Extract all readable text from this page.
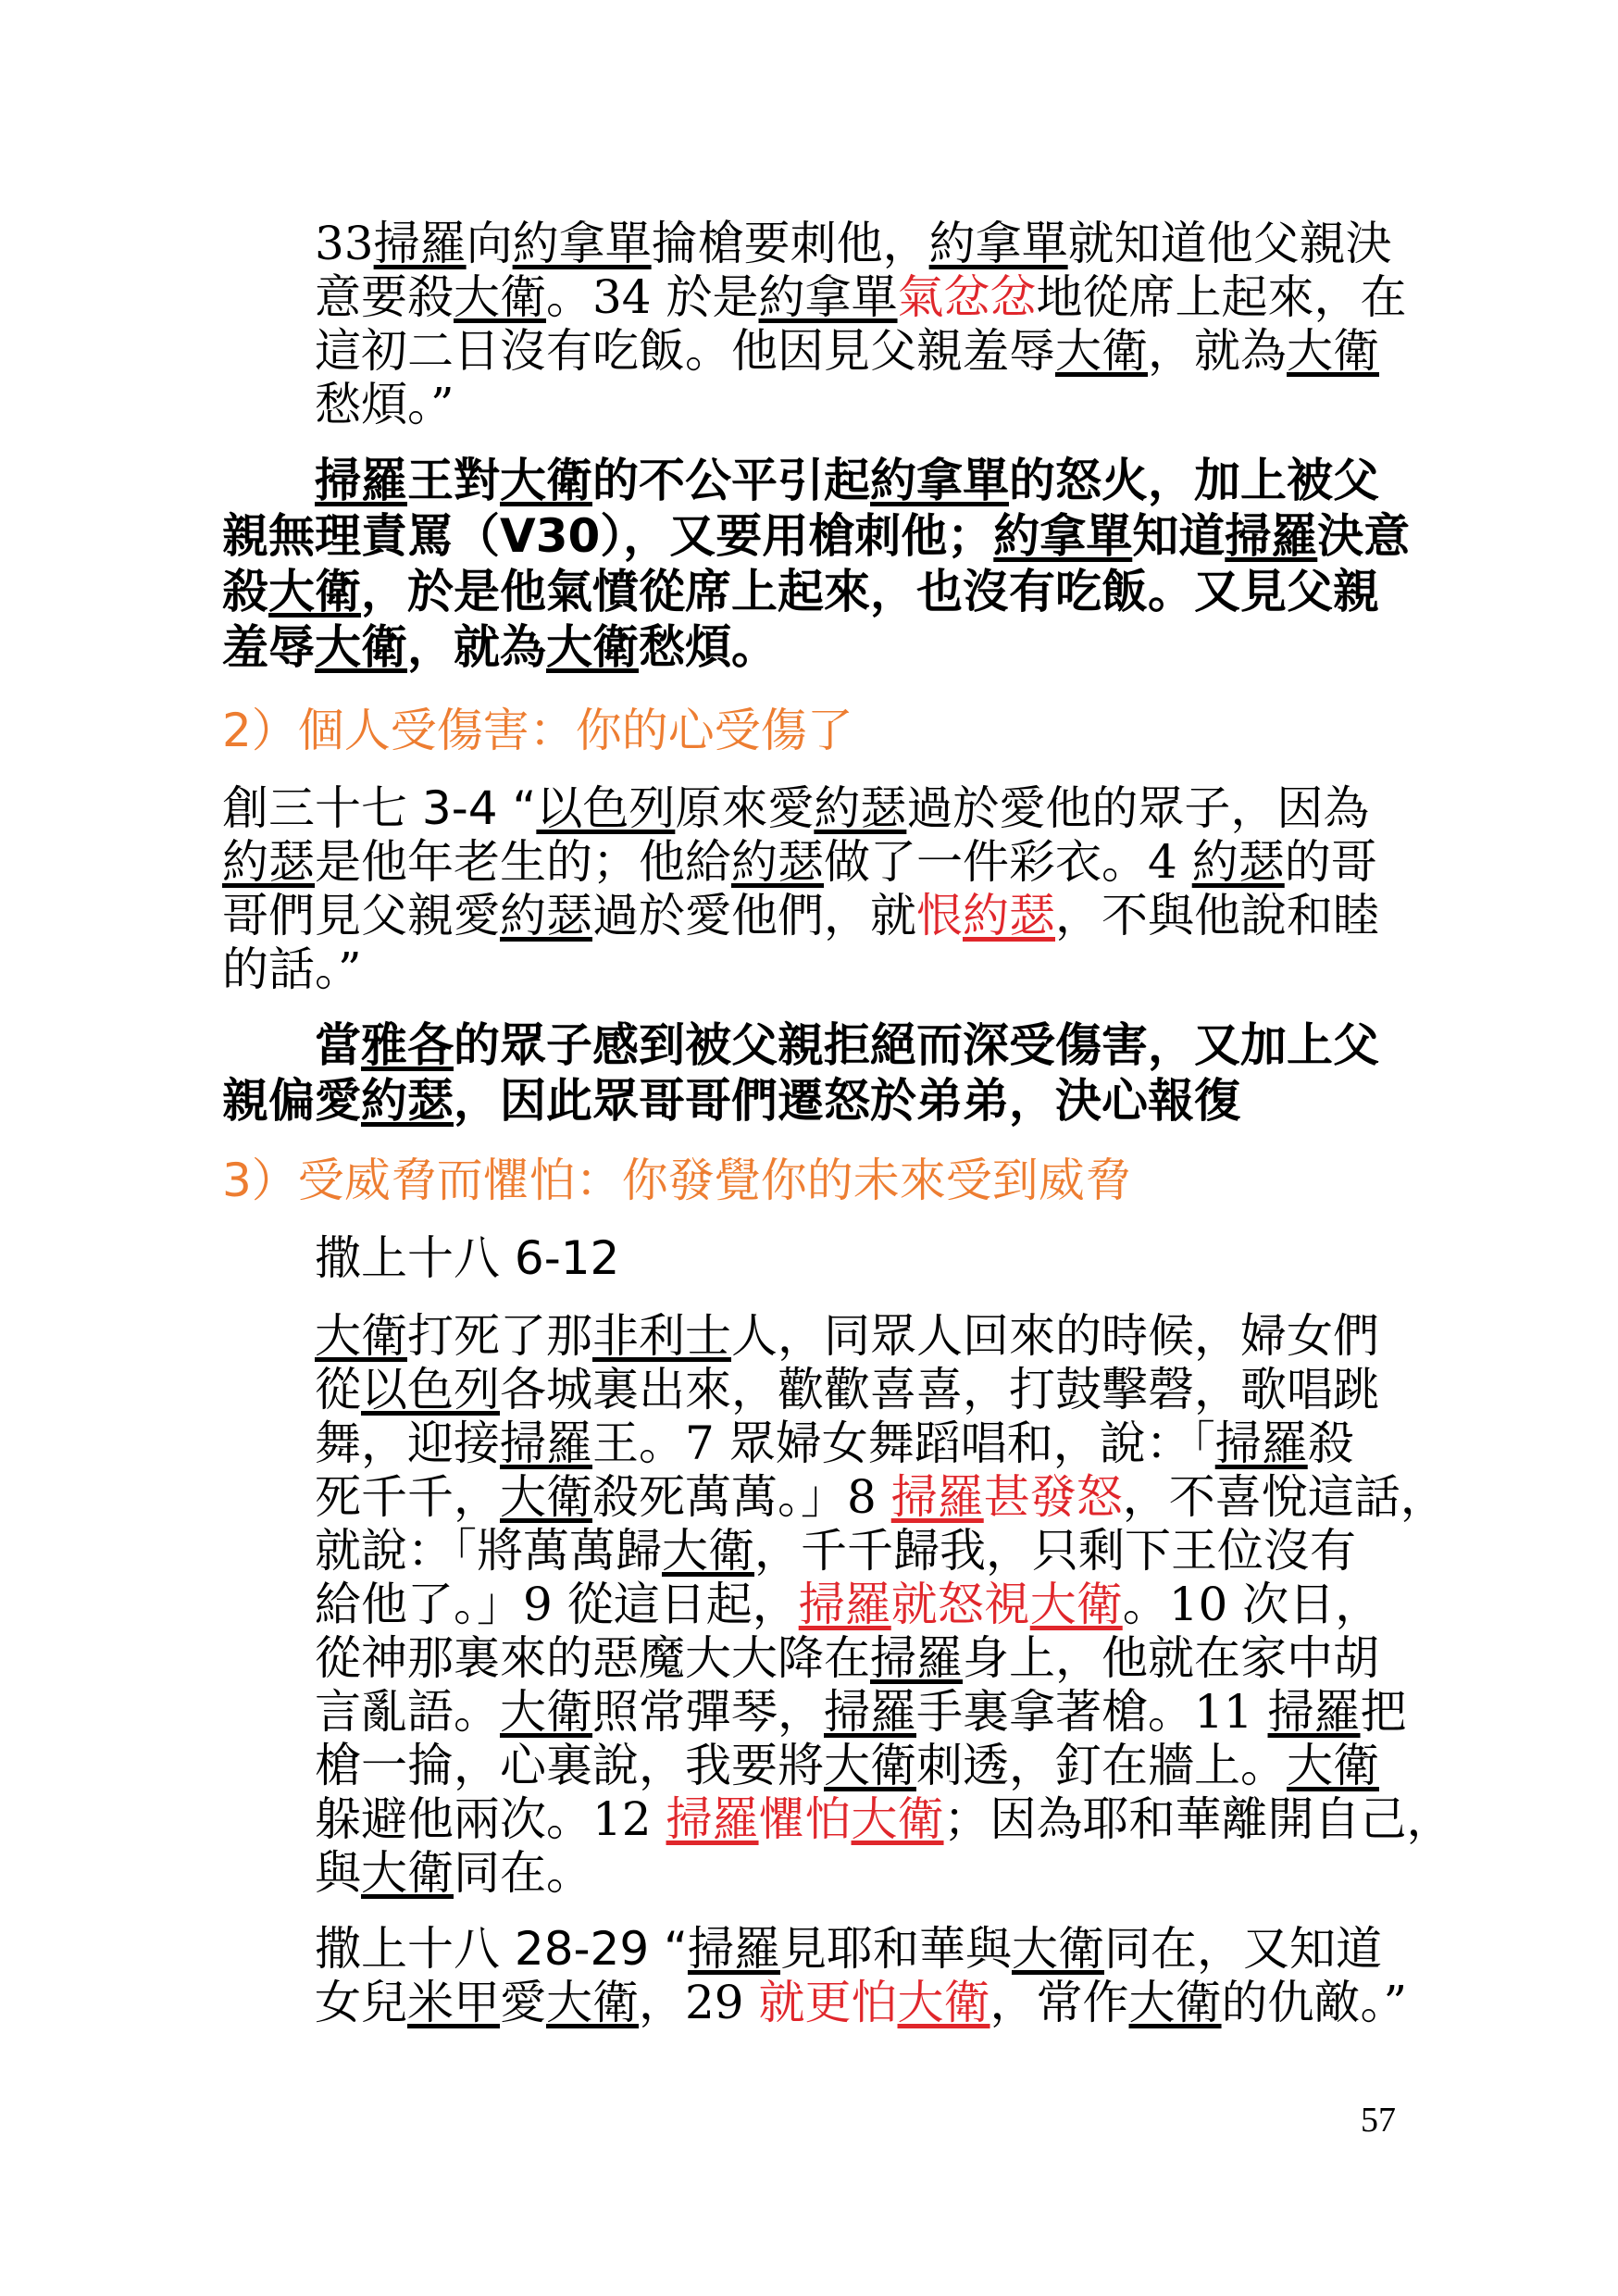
33掃羅向約拿單掄槍要刺他，約拿單就知道他父親決
意要殺大衛。34 於是約拿單氣忿忿地從席上起來，在
這初二日沒有吃飯。他因見父親羞辱大衛，就為大衛
愁煩。”
掃羅王對大衛的不公平引起約拿單的怒火，加上被父
親無理責罵（V30），又要用槍刺他；約拿單知道掃羅決意
殺大衛，於是他氣憤從席上起來，也沒有吃飯。又見父親
羞辱大衛，就為大衛愁煩。
2）個人受傷害：你的心受傷了
創三十七 3-4 “以色列原來愛約瑟過於愛他的眾子，因為
約瑟是他年老生的；他給約瑟做了一件彩衣。4 約瑟的哥
哥們見父親愛約瑟過於愛他們，就恨約瑟，不與他說和睦
的話。”
當雅各的眾子感到被父親拒絕而深受傷害，又加上父
親偏愛約瑟，因此眾哥哥們遷怒於弟弟，決心報復
3）受威脅而懼怕：你發覺你的未來受到威脅
撒上十八 6-12
大衛打死了那非利士人，同眾人回來的時候，婦女們
從以色列各城裏出來，歡歡喜喜，打鼓擊磬，歌唱跳
舞，迎接掃羅王。7 眾婦女舞蹈唱和，說：「掃羅殺
死千千，大衛殺死萬萬。」8 掃羅甚發怒，不喜悅這話，
就說：「將萬萬歸大衛，千千歸我，只剩下王位沒有
給他了。」9 從這日起，掃羅就怒視大衛。10 次日，
從神那裏來的惡魔大大降在掃羅身上，他就在家中胡
言亂語。大衛照常彈琴，掃羅手裏拿著槍。11 掃羅把
槍一掄，心裏說，我要將大衛刺透，釘在牆上。大衛
躲避他兩次。12 掃羅懼怕大衛；因為耶和華離開自己，
與大衛同在。
撒上十八 28-29 “掃羅見耶和華與大衛同在，又知道
女兒米甲愛大衛，29 就更怕大衛，常作大衛的仇敵。”
57
